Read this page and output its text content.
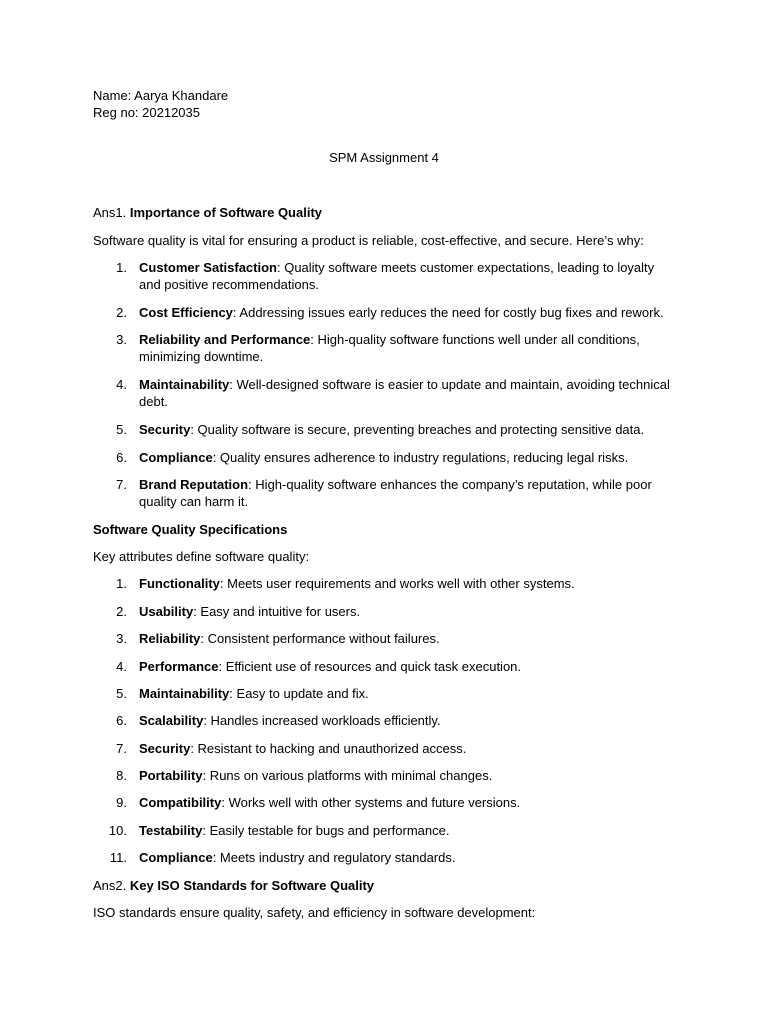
Name: Aarya Khandare
Reg no: 20212035
SPM Assignment 4
Ans1. Importance of Software Quality
Software quality is vital for ensuring a product is reliable, cost-effective, and secure. Here’s why:
1. Customer Satisfaction: Quality software meets customer expectations, leading to loyalty and positive recommendations.
2. Cost Efficiency: Addressing issues early reduces the need for costly bug fixes and rework.
3. Reliability and Performance: High-quality software functions well under all conditions, minimizing downtime.
4. Maintainability: Well-designed software is easier to update and maintain, avoiding technical debt.
5. Security: Quality software is secure, preventing breaches and protecting sensitive data.
6. Compliance: Quality ensures adherence to industry regulations, reducing legal risks.
7. Brand Reputation: High-quality software enhances the company’s reputation, while poor quality can harm it.
Software Quality Specifications
Key attributes define software quality:
1. Functionality: Meets user requirements and works well with other systems.
2. Usability: Easy and intuitive for users.
3. Reliability: Consistent performance without failures.
4. Performance: Efficient use of resources and quick task execution.
5. Maintainability: Easy to update and fix.
6. Scalability: Handles increased workloads efficiently.
7. Security: Resistant to hacking and unauthorized access.
8. Portability: Runs on various platforms with minimal changes.
9. Compatibility: Works well with other systems and future versions.
10. Testability: Easily testable for bugs and performance.
11. Compliance: Meets industry and regulatory standards.
Ans2. Key ISO Standards for Software Quality
ISO standards ensure quality, safety, and efficiency in software development:
